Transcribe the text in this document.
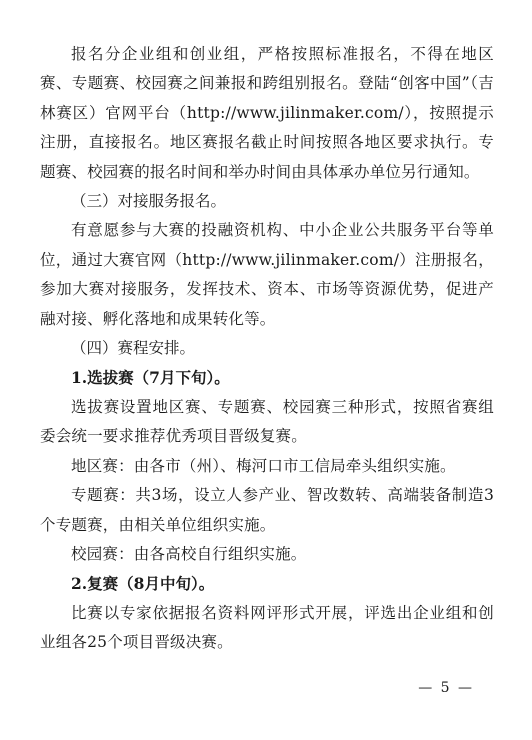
报名分企业组和创业组，严格按照标准报名，不得在地区赛、专题赛、校园赛之间兼报和跨组别报名。登陆“创客中国”（吉林赛区）官网平台（http://www.jilinmaker.com/），按照提示注册，直接报名。地区赛报名截止时间按照各地区要求执行。专题赛、校园赛的报名时间和举办时间由具体承办单位另行通知。

（三）对接服务报名。

有意愿参与大赛的投融资机构、中小企业公共服务平台等单位，通过大赛官网（http://www.jilinmaker.com/）注册报名，参加大赛对接服务，发挥技术、资本、市场等资源优势，促进产融对接、孵化落地和成果转化等。

（四）赛程安排。

1.选拔赛（7月下旬）。

选拔赛设置地区赛、专题赛、校园赛三种形式，按照省赛组委会统一要求推荐优秀项目晋级复赛。

地区赛：由各市（州）、梅河口市工信局牵头组织实施。

专题赛：共3场，设立人参产业、智改数转、高端装备制造3个专题赛，由相关单位组织实施。

校园赛：由各高校自行组织实施。

2.复赛（8月中旬）。

比赛以专家依据报名资料网评形式开展，评选出企业组和创业组各25个项目晋级决赛。

— 5 —
